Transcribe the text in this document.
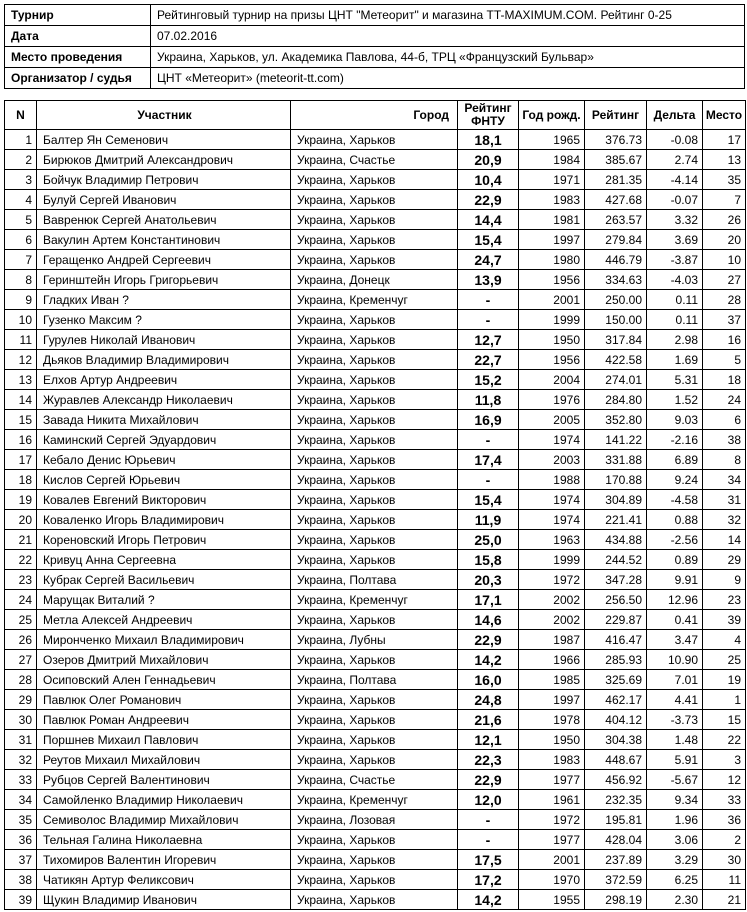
Турнир	Рейтинговый турнир на призы ЦНТ "Метеорит" и магазина TT-MAXIMUM.COM. Рейтинг 0-25
Дата	07.02.2016
Место проведения	Украина, Харьков, ул. Академика Павлова, 44-б, ТРЦ «Французский Бульвар»
Организатор / судья	ЦНТ «Метеорит» (meteorit-tt.com)
N	Участник	Город	Рейтинг ФНТУ	Год рожд.	Рейтинг	Дельта	Место
1	Балтер Ян Семенович	Украина, Харьков	18,1	1965	376.73	-0.08	17
2	Бирюков Дмитрий Александрович	Украина, Счастье	20,9	1984	385.67	2.74	13
3	Бойчук Владимир Петрович	Украина, Харьков	10,4	1971	281.35	-4.14	35
4	Булуй Сергей Иванович	Украина, Харьков	22,9	1983	427.68	-0.07	7
5	Вавренюк Сергей Анатольевич	Украина, Харьков	14,4	1981	263.57	3.32	26
6	Вакулин Артем Константинович	Украина, Харьков	15,4	1997	279.84	3.69	20
7	Геращенко Андрей Сергеевич	Украина, Харьков	24,7	1980	446.79	-3.87	10
8	Геринштейн Игорь Григорьевич	Украина, Донецк	13,9	1956	334.63	-4.03	27
9	Гладких Иван ?	Украина, Кременчуг	-	2001	250.00	0.11	28
10	Гузенко Максим ?	Украина, Харьков	-	1999	150.00	0.11	37
11	Гурулев Николай Иванович	Украина, Харьков	12,7	1950	317.84	2.98	16
12	Дьяков Владимир Владимирович	Украина, Харьков	22,7	1956	422.58	1.69	5
13	Елхов Артур Андреевич	Украина, Харьков	15,2	2004	274.01	5.31	18
14	Журавлев Александр Николаевич	Украина, Харьков	11,8	1976	284.80	1.52	24
15	Завада Никита Михайлович	Украина, Харьков	16,9	2005	352.80	9.03	6
16	Каминский Сергей Эдуардович	Украина, Харьков	-	1974	141.22	-2.16	38
17	Кебало Денис Юрьевич	Украина, Харьков	17,4	2003	331.88	6.89	8
18	Кислов Сергей Юрьевич	Украина, Харьков	-	1988	170.88	9.24	34
19	Ковалев Евгений Викторович	Украина, Харьков	15,4	1974	304.89	-4.58	31
20	Коваленко Игорь Владимирович	Украина, Харьков	11,9	1974	221.41	0.88	32
21	Кореновский Игорь Петрович	Украина, Харьков	25,0	1963	434.88	-2.56	14
22	Кривуц Анна Сергеевна	Украина, Харьков	15,8	1999	244.52	0.89	29
23	Кубрак Сергей Васильевич	Украина, Полтава	20,3	1972	347.28	9.91	9
24	Марущак Виталий ?	Украина, Кременчуг	17,1	2002	256.50	12.96	23
25	Метла Алексей Андреевич	Украина, Харьков	14,6	2002	229.87	0.41	39
26	Миронченко Михаил Владимирович	Украина, Лубны	22,9	1987	416.47	3.47	4
27	Озеров Дмитрий Михайлович	Украина, Харьков	14,2	1966	285.93	10.90	25
28	Осиповский Ален Геннадьевич	Украина, Полтава	16,0	1985	325.69	7.01	19
29	Павлюк Олег Романович	Украина, Харьков	24,8	1997	462.17	4.41	1
30	Павлюк Роман Андреевич	Украина, Харьков	21,6	1978	404.12	-3.73	15
31	Поршнев Михаил Павлович	Украина, Харьков	12,1	1950	304.38	1.48	22
32	Реутов Михаил Михайлович	Украина, Харьков	22,3	1983	448.67	5.91	3
33	Рубцов Сергей Валентинович	Украина, Счастье	22,9	1977	456.92	-5.67	12
34	Самойленко Владимир Николаевич	Украина, Кременчуг	12,0	1961	232.35	9.34	33
35	Семиволос Владимир Михайлович	Украина, Лозовая	-	1972	195.81	1.96	36
36	Тельная Галина Николаевна	Украина, Харьков	-	1977	428.04	3.06	2
37	Тихомиров Валентин Игоревич	Украина, Харьков	17,5	2001	237.89	3.29	30
38	Чатикян Артур Феликсович	Украина, Харьков	17,2	1970	372.59	6.25	11
39	Щукин Владимир Иванович	Украина, Харьков	14,2	1955	298.19	2.30	21
